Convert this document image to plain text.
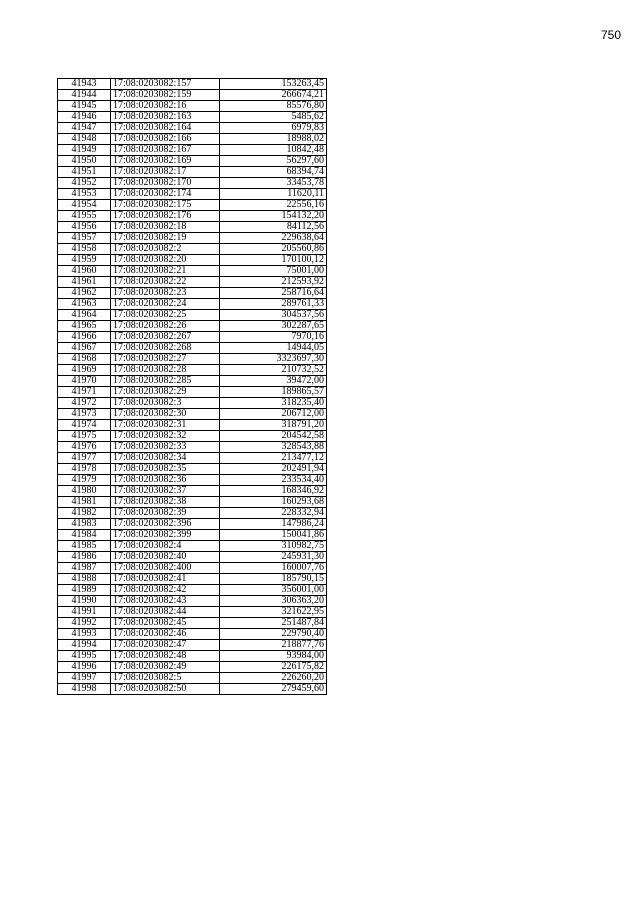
750
41943	17:08:0203082:157	153263,45
41944	17:08:0203082:159	266674,21
41945	17:08:0203082:16	85576,80
41946	17:08:0203082:163	5485,62
41947	17:08:0203082:164	6979,83
41948	17:08:0203082:166	18988,02
41949	17:08:0203082:167	10842,48
41950	17:08:0203082:169	56297,60
41951	17:08:0203082:17	68394,74
41952	17:08:0203082:170	33453,78
41953	17:08:0203082:174	11620,11
41954	17:08:0203082:175	22556,16
41955	17:08:0203082:176	154132,20
41956	17:08:0203082:18	84112,56
41957	17:08:0203082:19	229638,64
41958	17:08:0203082:2	205560,86
41959	17:08:0203082:20	170100,12
41960	17:08:0203082:21	75001,00
41961	17:08:0203082:22	212593,92
41962	17:08:0203082:23	258716,64
41963	17:08:0203082:24	289761,33
41964	17:08:0203082:25	304537,56
41965	17:08:0203082:26	302287,65
41966	17:08:0203082:267	7970,16
41967	17:08:0203082:268	14944,05
41968	17:08:0203082:27	3323697,30
41969	17:08:0203082:28	210732,52
41970	17:08:0203082:285	39472,00
41971	17:08:0203082:29	189865,57
41972	17:08:0203082:3	318235,40
41973	17:08:0203082:30	206712,00
41974	17:08:0203082:31	318791,20
41975	17:08:0203082:32	204542,58
41976	17:08:0203082:33	328543,88
41977	17:08:0203082:34	213477,12
41978	17:08:0203082:35	202491,94
41979	17:08:0203082:36	233534,40
41980	17:08:0203082:37	168346,92
41981	17:08:0203082:38	160293,68
41982	17:08:0203082:39	228332,94
41983	17:08:0203082:396	147986,24
41984	17:08:0203082:399	150041,86
41985	17:08:0203082:4	310982,75
41986	17:08:0203082:40	245931,30
41987	17:08:0203082:400	160007,76
41988	17:08:0203082:41	185790,15
41989	17:08:0203082:42	356001,00
41990	17:08:0203082:43	306363,20
41991	17:08:0203082:44	321622,95
41992	17:08:0203082:45	251487,84
41993	17:08:0203082:46	229790,40
41994	17:08:0203082:47	218877,76
41995	17:08:0203082:48	93984,00
41996	17:08:0203082:49	226175,82
41997	17:08:0203082:5	226260,20
41998	17:08:0203082:50	279459,60
